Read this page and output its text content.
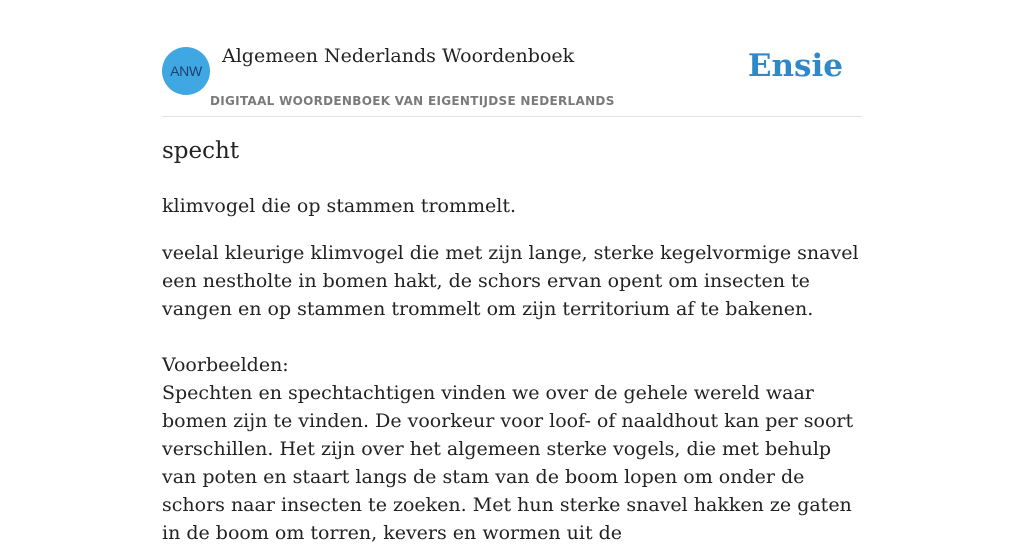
ANW
Algemeen Nederlands Woordenboek
DIGITAAL WOORDENBOEK VAN EIGENTIJDSE NEDERLANDS
Ensie
specht

klimvogel die op stammen trommelt.

veelal kleurige klimvogel die met zijn lange, sterke kegelvormige snavel een nestholte in bomen hakt, de schors ervan opent om insecten te vangen en op stammen trommelt om zijn territorium af te bakenen.

Voorbeelden:

Spechten en spechtachtigen vinden we over de gehele wereld waar bomen zijn te vinden. De voorkeur voor loof- of naaldhout kan per soort verschillen. Het zijn over het algemeen sterke vogels, die met behulp van poten en staart langs de stam van de boom lopen om onder de schors naar insecten te zoeken. Met hun sterke snavel hakken ze gaten in de boom om torren, kevers en wormen uit de
